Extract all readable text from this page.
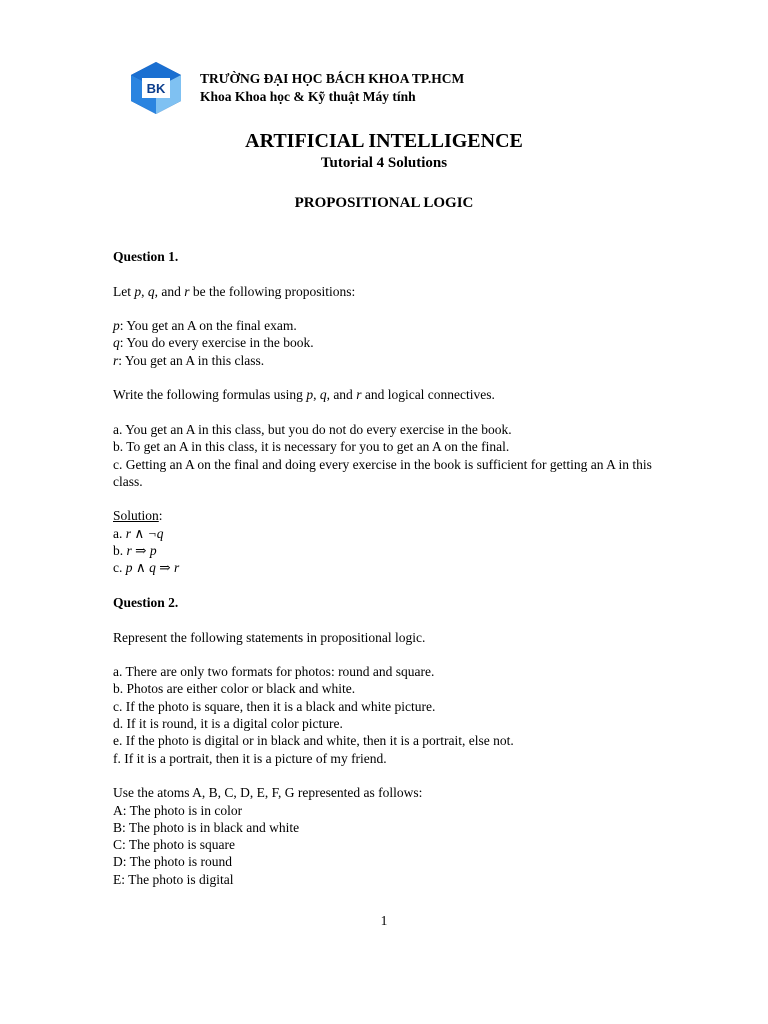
BK
TRƯỜNG ĐẠI HỌC BÁCH KHOA TP.HCM
Khoa Khoa học & Kỹ thuật Máy tính
ARTIFICIAL INTELLIGENCE
Tutorial 4 Solutions
PROPOSITIONAL LOGIC

Question 1.

Let p, q, and r be the following propositions:

p: You get an A on the final exam.

q: You do every exercise in the book.

r: You get an A in this class.

Write the following formulas using p, q, and r and logical connectives.

a. You get an A in this class, but you do not do every exercise in the book.

b. To get an A in this class, it is necessary for you to get an A on the final.

c. Getting an A on the final and doing every exercise in the book is sufficient for getting an A in this class.

Solution:

a. r ∧ ¬q

b. r ⇒ p

c. p ∧ q ⇒ r

Question 2.

Represent the following statements in propositional logic.

a. There are only two formats for photos: round and square.

b. Photos are either color or black and white.

c. If the photo is square, then it is a black and white picture.

d. If it is round, it is a digital color picture.

e. If the photo is digital or in black and white, then it is a portrait, else not.

f. If it is a portrait, then it is a picture of my friend.

Use the atoms A, B, C, D, E, F, G represented as follows:

A: The photo is in color

B: The photo is in black and white

C: The photo is square

D: The photo is round

E: The photo is digital

1
